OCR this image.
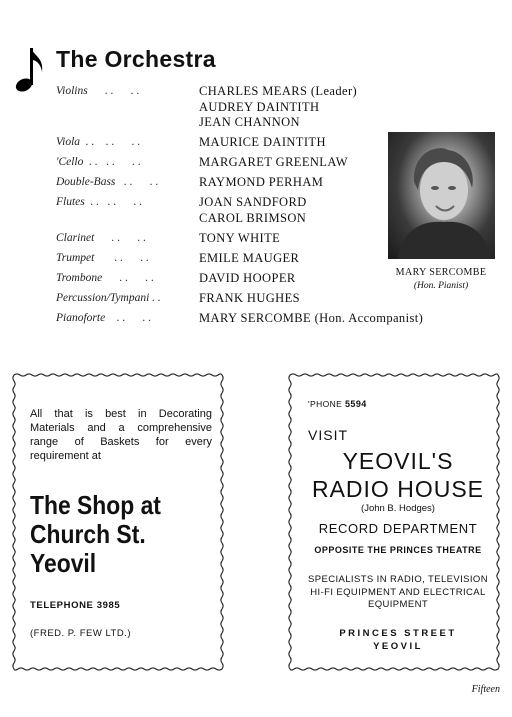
The Orchestra
Violins      . .      . .	CHARLES MEARS (Leader)
AUDREY DAINTITH
JEAN CHANNON
Viola  . .    . .      . .	MAURICE DAINTITH
'Cello  . .   . .      . .	MARGARET GREENLAW
Double-Bass   . .      . .	RAYMOND PERHAM
Flutes  . .   . .      . .	JOAN SANDFORD
CAROL BRIMSON
Clarinet      . .      . .	TONY WHITE
Trumpet       . .      . .	EMILE MAUGER
Trombone      . .      . .	DAVID HOOPER
Percussion/Tympani . .	FRANK HUGHES
Pianoforte    . .      . .	MARY SERCOMBE (Hon. Accompanist)
MARY SERCOMBE
(Hon. Pianist)
All that is best in Decorating Materials and a comprehensive range of Baskets for every requirement at
The Shop at
Church St.
Yeovil
TELEPHONE 3985
(FRED. P. FEW LTD.)
'PHONE 5594
VISIT
YEOVIL'S
RADIO HOUSE
(John B. Hodges)
RECORD DEPARTMENT
OPPOSITE THE PRINCES THEATRE
SPECIALISTS IN RADIO, TELEVISION
HI-FI EQUIPMENT AND ELECTRICAL
EQUIPMENT
PRINCES STREET
YEOVIL
Fifteen
